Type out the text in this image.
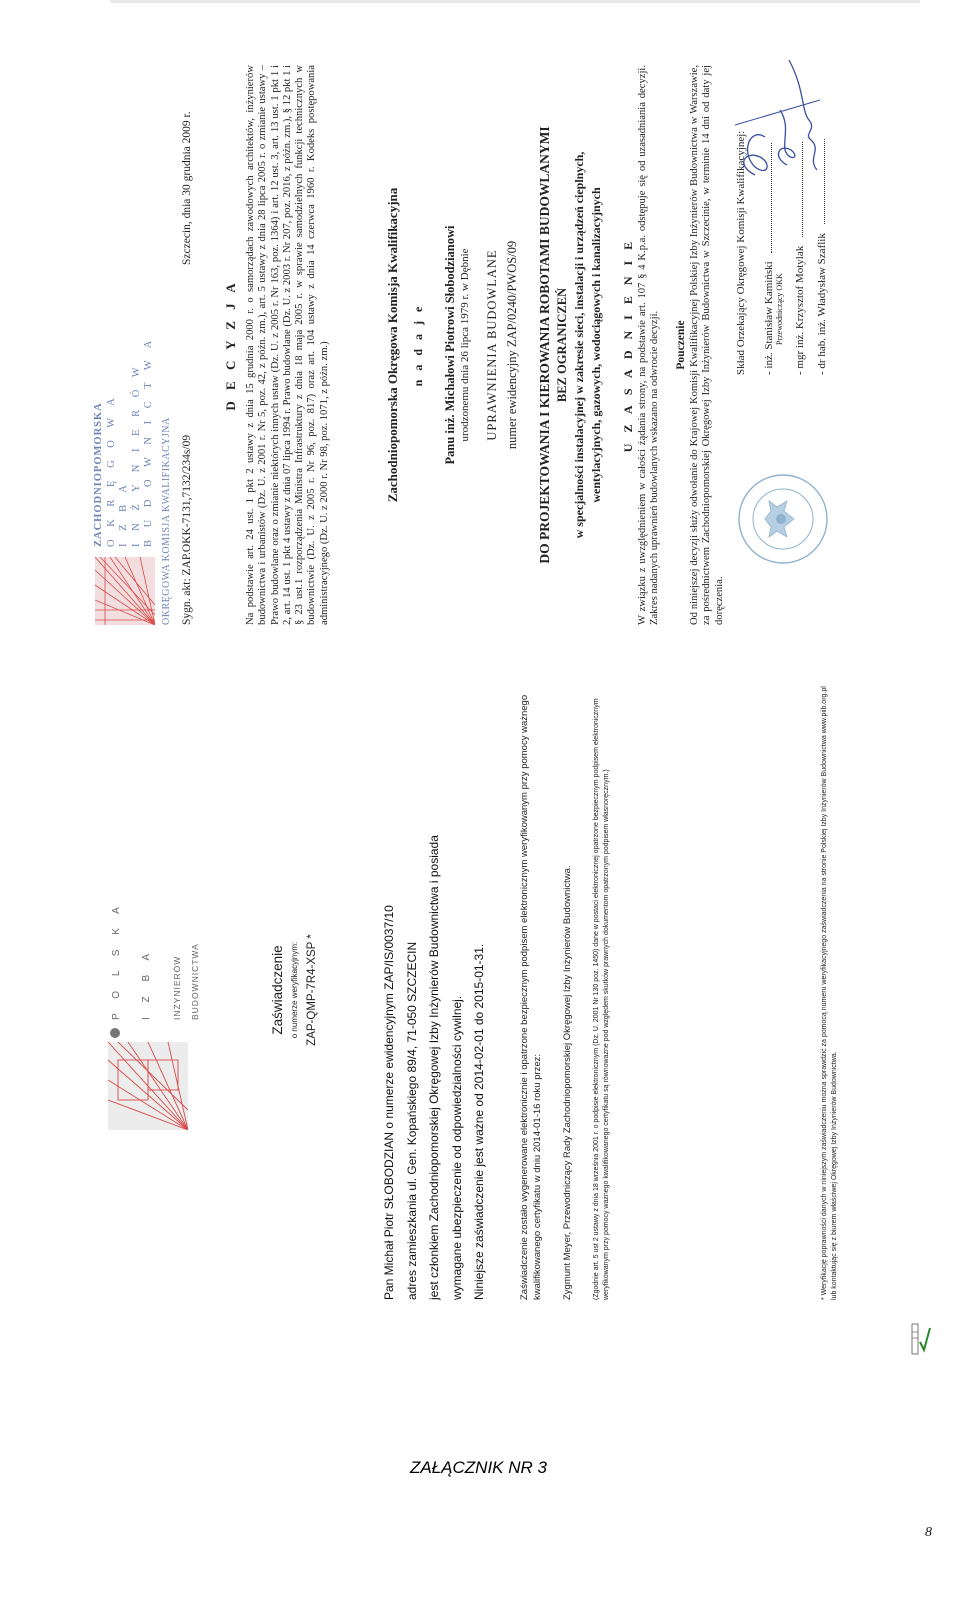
ZACHODNIOPOMORSKA O K R Ę G O W A I Z B A I N Ż Y N I E R Ó W B U D O W N I C T W A OKRĘGOWA KOMISJA KWALIFIKACYJNA Sygn. akt: ZAP.OKK-7131,7132/234s/09
Szczecin, dnia 30 grudnia 2009 r.
D E C Y Z J A Na podstawie art. 24 ust. 1 pkt 2 ustawy z dnia 15 grudnia 2000 r. o samorządach zawodowych architektów, inżynierów budownictwa i urbanistów (Dz. U. z 2001 r. Nr 5, poz. 42, z późn. zm.), art. 5 ustawy z dnia 28 lipca 2005 r. o zmianie ustawy – Prawo budowlane oraz o zmianie niektórych innych ustaw (Dz. U. z 2005 r. Nr 163, poz. 1364) i art. 12 ust. 3, art. 13 ust. 1 pkt 1 i 2, art. 14 ust. 1 pkt 4 ustawy z dnia 07 lipca 1994 r. Prawo budowlane (Dz. U. z 2003 r. Nr 207, poz. 2016, z późn. zm.), § 12 pkt 1 i § 23 ust.1 rozporządzenia Ministra Infrastruktury z dnia 18 maja 2005 r. w sprawie samodzielnych funkcji technicznych w budownictwie (Dz. U. z 2005 r. Nr 96, poz. 817) oraz art. 104 ustawy z dnia 14 czerwca 1960 r. Kodeks postępowania administracyjnego (Dz. U. z 2000 r. Nr 98, poz. 1071, z późn. zm.)	Zachodniopomorska Okręgowa Komisja Kwalifikacyjna n a d a j e Panu inż. Michałowi Piotrowi Słobodzianowi urodzonemu dnia 26 lipca 1979 r. w Dębnie UPRAWNIENIA BUDOWLANE numer ewidencyjny ZAP/0240/PWOS/09 DO PROJEKTOWANIA I KIEROWANIA ROBOTAMI BUDOWLANYMI BEZ OGRANICZEŃ w specjalności instalacyjnej w zakresie sieci, instalacji i urządzeń cieplnych, wentylacyjnych, gazowych, wodociągowych i kanalizacyjnych U Z A S A D N I E N I E W związku z uwzględnieniem w całości żądania strony, na podstawie art. 107 § 4 K.p.a. odstępuje się od uzasadniania decyzji. Zakres nadanych uprawnień budowlanych wskazano na odwrocie decyzji. Pouczenie Od niniejszej decyzji służy odwołanie do Krajowej Komisji Kwalifikacyjnej Polskiej Izby Inżynierów Budownictwa w Warszawie, za pośrednictwem Zachodniopomorskiej Okręgowej Izby Inżynierów Budownictwa w Szczecinie, w terminie 14 dni od daty jej doręczenia.
Skład Orzekający Okręgowej Komisji Kwalifikacyjnej: - inż. Stanisław Kamiński Przewodniczący OKK - mgr inż. Krzysztof Motylak - dr hab. inż. Władysław Szaflik
P O L S K A I Z B A INŻYNIERÓW BUDOWNICTWA	Zaświadczenie o numerze weryfikacyjnym: ZAP-QMP-7R4-XSP *	Pan Michał Piotr SŁOBODZIAN o numerze ewidencyjnym ZAP/IS/0037/10 adres zamieszkania ul. Gen. Kopańskiego 89/4, 71-050 SZCZECIN jest członkiem Zachodniopomorskiej Okręgowej Izby Inżynierów Budownictwa i posiada wymagane ubezpieczenie od odpowiedzialności cywilnej. Niniejsze zaświadczenie jest ważne od 2014-02-01 do 2015-01-31.	Zaświadczenie zostało wygenerowane elektronicznie i opatrzone bezpiecznym podpisem elektronicznym weryfikowanym przy pomocy ważnego kwalifikowanego certyfikatu w dniu 2014-01-16 roku przez: Zygmunt Meyer, Przewodniczący Rady Zachodniopomorskiej Okręgowej Izby Inżynierów Budownictwa.	(Zgodnie art. 5 ust 2 ustawy z dnia 18 września 2001 r. o podpisie elektronicznym (Dz. U. 2001 Nr 130 poz. 1450) dane w postaci elektronicznej opatrzone bezpiecznym podpisem elektronicznym weryfikowanym przy pomocy ważnego kwalifikowanego certyfikatu są równoważne pod względem skutków prawnych dokumentom opatrzonym podpisem własnoręcznym.)	* Weryfikację poprawności danych w niniejszym zaświadczeniu można sprawdzić za pomocą numeru weryfikacyjnego zaświadczenia na stronie Polskiej Izby Inżynierów Budownictwa www.piib.org.pl lub kontaktując się z biurem właściwej Okręgowej Izby Inżynierów Budownictwa.
ZAŁĄCZNIK NR 3
8
